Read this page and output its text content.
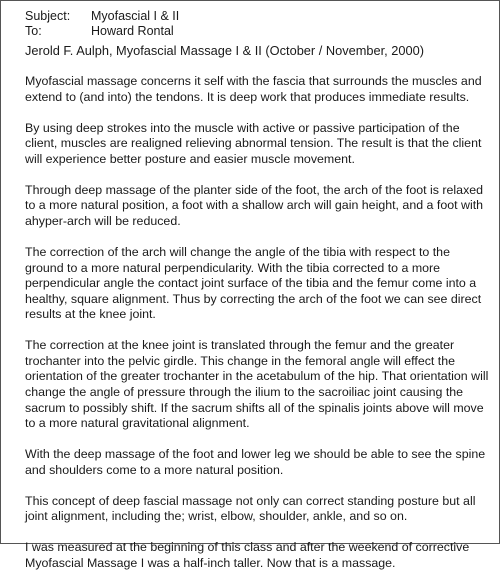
Subject:	Myofascial I & II
To:	Howard Rontal
Jerold F. Aulph, Myofascial Massage I & II (October / November, 2000)

Myofascial massage concerns it self with the fascia that surrounds the muscles and extend to (and into) the tendons. It is deep work that produces immediate results.

By using deep strokes into the muscle with active or passive participation of the client, muscles are realigned relieving abnormal tension. The result is that the client will experience better posture and easier muscle movement.

Through deep massage of the planter side of the foot, the arch of the foot is relaxed to a more natural position, a foot with a shallow arch will gain height, and a foot with ahyper-arch will be reduced.

The correction of the arch will change the angle of the tibia with respect to the ground to a more natural perpendicularity. With the tibia corrected to a more perpendicular angle the contact joint surface of the tibia and the femur come into a healthy, square alignment. Thus by correcting the arch of the foot we can see direct results at the knee joint.

The correction at the knee joint is translated through the femur and the greater trochanter into the pelvic girdle. This change in the femoral angle will effect the orientation of the greater trochanter in the acetabulum of the hip. That orientation will change the angle of pressure through the ilium to the sacroiliac joint causing the sacrum to possibly shift. If the sacrum shifts all of the spinalis joints above will move to a more natural gravitational alignment.

With the deep massage of the foot and lower leg we should be able to see the spine and shoulders come to a more natural position.

This concept of deep fascial massage not only can correct standing posture but all joint alignment, including the; wrist, elbow, shoulder, ankle, and so on.

I was measured at the beginning of this class and after the weekend of corrective Myofascial Massage I was a half-inch taller. Now that is a massage.
